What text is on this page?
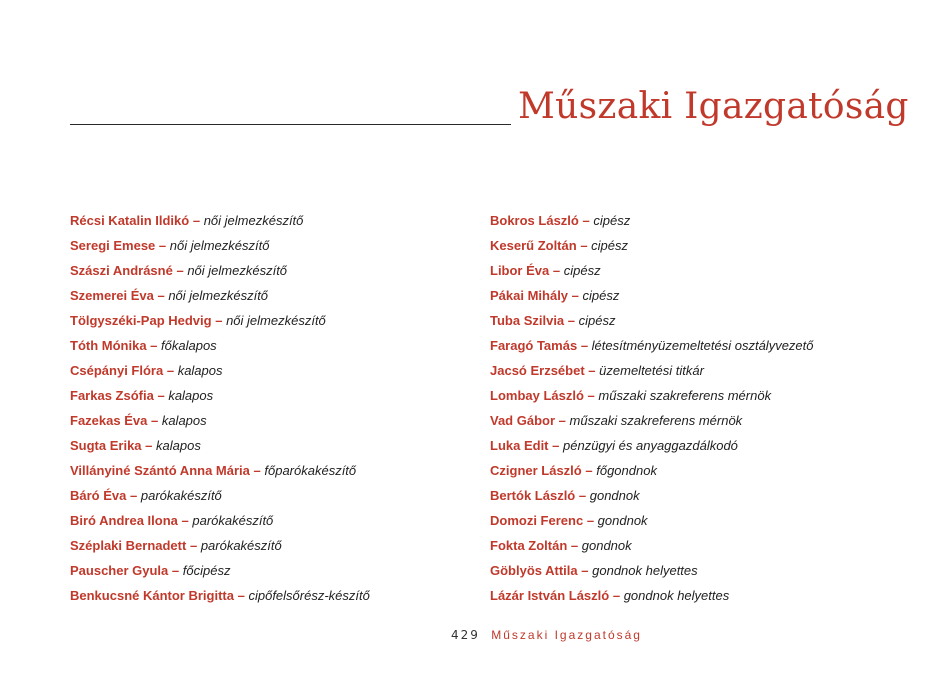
Műszaki Igazgatóság
Récsi Katalin Ildikó – női jelmezkészítő
Seregi Emese – női jelmezkészítő
Szászi Andrásné – női jelmezkészítő
Szemerei Éva – női jelmezkészítő
Tölgyszéki-Pap Hedvig – női jelmezkészítő
Tóth Mónika – főkalapos
Csépányi Flóra – kalapos
Farkas Zsófia – kalapos
Fazekas Éva – kalapos
Sugta Erika – kalapos
Villányiné Szántó Anna Mária – főparókakészítő
Báró Éva – parókakészítő
Biró Andrea Ilona – parókakészítő
Széplaki Bernadett – parókakészítő
Pauscher Gyula – főcipész
Benkucsné Kántor Brigitta – cipőfelsőrész-készítő
Bokros László – cipész
Keserű Zoltán – cipész
Libor Éva – cipész
Pákai Mihály – cipész
Tuba Szilvia – cipész
Faragó Tamás – létesítményüzemeltetési osztályvezető
Jacsó Erzsébet – üzemeltetési titkár
Lombay László – műszaki szakreferens mérnök
Vad Gábor – műszaki szakreferens mérnök
Luka Edit – pénzügyi és anyaggazdálkodó
Czigner László – főgondnok
Bertók László – gondnok
Domozi Ferenc – gondnok
Fokta Zoltán – gondnok
Göblyös Attila – gondnok helyettes
Lázár István László – gondnok helyettes
429 Műszaki Igazgatóság
